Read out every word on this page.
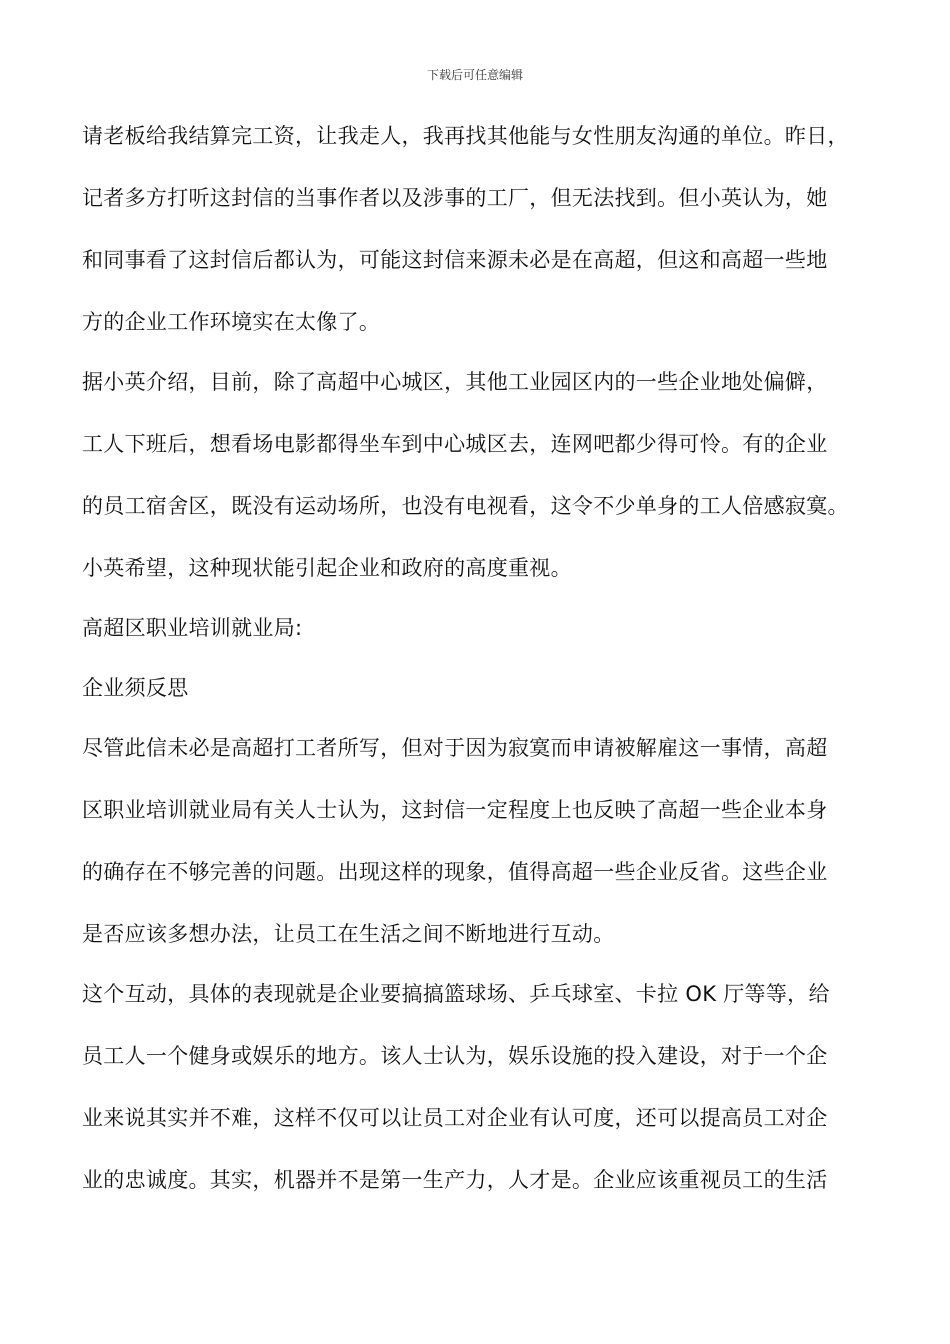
下载后可任意编辑
请老板给我结算完工资，让我走人，我再找其他能与女性朋友沟通的单位。昨日，
记者多方打听这封信的当事作者以及涉事的工厂，但无法找到。但小英认为，她
和同事看了这封信后都认为，可能这封信来源未必是在高超，但这和高超一些地
方的企业工作环境实在太像了。
据小英介绍，目前，除了高超中心城区，其他工业园区内的一些企业地处偏僻，
工人下班后，想看场电影都得坐车到中心城区去，连网吧都少得可怜。有的企业
的员工宿舍区，既没有运动场所，也没有电视看，这令不少单身的工人倍感寂寞。
小英希望，这种现状能引起企业和政府的高度重视。
高超区职业培训就业局:
企业须反思
尽管此信未必是高超打工者所写，但对于因为寂寞而申请被解雇这一事情，高超
区职业培训就业局有关人士认为，这封信一定程度上也反映了高超一些企业本身
的确存在不够完善的问题。出现这样的现象，值得高超一些企业反省。这些企业
是否应该多想办法，让员工在生活之间不断地进行互动。
这个互动，具体的表现就是企业要搞搞篮球场、乒乓球室、卡拉 OK 厅等等，给
员工人一个健身或娱乐的地方。该人士认为，娱乐设施的投入建设，对于一个企
业来说其实并不难，这样不仅可以让员工对企业有认可度，还可以提高员工对企
业的忠诚度。其实，机器并不是第一生产力，人才是。企业应该重视员工的生活
